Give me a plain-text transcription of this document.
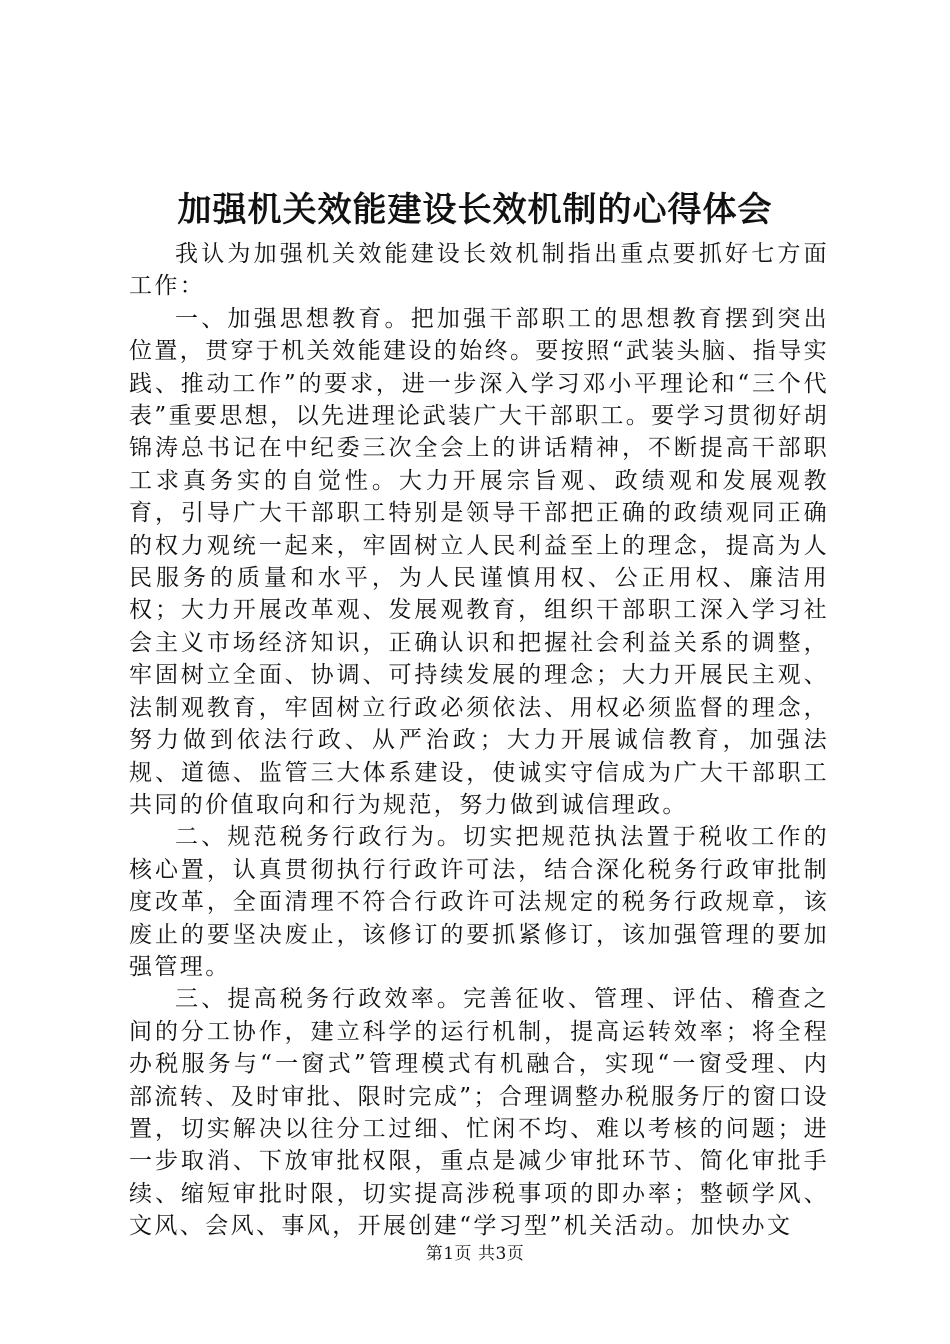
加强机关效能建设长效机制的心得体会

我认为加强机关效能建设长效机制指出重点要抓好七方面工作：

一、加强思想教育。把加强干部职工的思想教育摆到突出位置，贯穿于机关效能建设的始终。要按照“武装头脑、指导实践、推动工作”的要求，进一步深入学习邓小平理论和“三个代表”重要思想，以先进理论武装广大干部职工。要学习贯彻好胡锦涛总书记在中纪委三次全会上的讲话精神，不断提高干部职工求真务实的自觉性。大力开展宗旨观、政绩观和发展观教育，引导广大干部职工特别是领导干部把正确的政绩观同正确的权力观统一起来，牢固树立人民利益至上的理念，提高为人民服务的质量和水平，为人民谨慎用权、公正用权、廉洁用权；大力开展改革观、发展观教育，组织干部职工深入学习社会主义市场经济知识，正确认识和把握社会利益关系的调整，牢固树立全面、协调、可持续发展的理念；大力开展民主观、法制观教育，牢固树立行政必须依法、用权必须监督的理念，努力做到依法行政、从严治政；大力开展诚信教育，加强法规、道德、监管三大体系建设，使诚实守信成为广大干部职工共同的价值取向和行为规范，努力做到诚信理政。

二、规范税务行政行为。切实把规范执法置于税收工作的核心置，认真贯彻执行行政许可法，结合深化税务行政审批制度改革，全面清理不符合行政许可法规定的税务行政规章，该废止的要坚决废止，该修订的要抓紧修订，该加强管理的要加强管理。

三、提高税务行政效率。完善征收、管理、评估、稽查之间的分工协作，建立科学的运行机制，提高运转效率；将全程办税服务与“一窗式”管理模式有机融合，实现“一窗受理、内部流转、及时审批、限时完成”；合理调整办税服务厅的窗口设置，切实解决以往分工过细、忙闲不均、难以考核的问题；进一步取消、下放审批权限，重点是减少审批环节、简化审批手续、缩短审批时限，切实提高涉税事项的即办率；整顿学风、文风、会风、事风，开展创建“学习型”机关活动。加快办文

第1页 共3页
